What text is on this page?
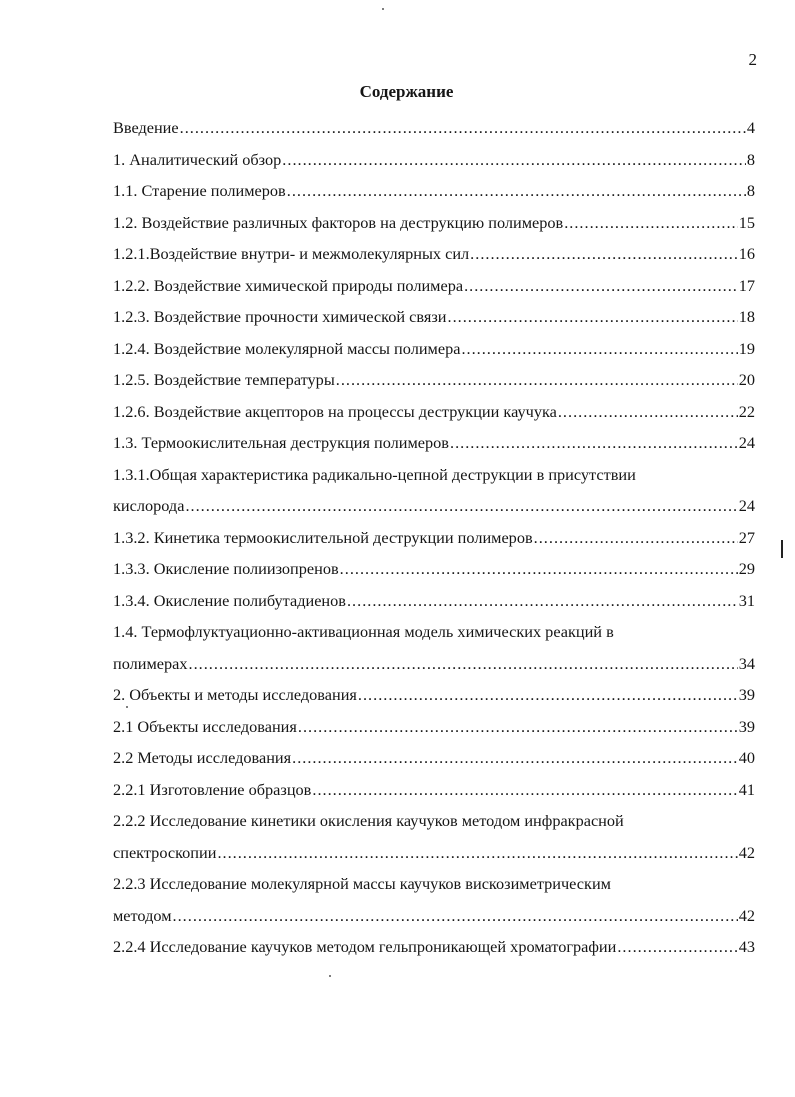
2
Содержание
Введение .....	4
1. Аналитический обзор .....	8
1.1. Старение полимеров .....	8
1.2. Воздействие различных факторов на деструкцию полимеров .....	15
1.2.1.Воздействие внутри- и межмолекулярных сил .....	16
1.2.2. Воздействие химической природы полимера .....	17
1.2.3. Воздействие прочности химической связи .....	18
1.2.4. Воздействие молекулярной массы полимера .....	19
1.2.5. Воздействие температуры .....	20
1.2.6. Воздействие акцепторов на процессы деструкции каучука .....	22
1.3. Термоокислительная деструкция полимеров .....	24
1.3.1.Общая характеристика радикально-цепной деструкции в присутствии
кислорода .....	24
1.3.2. Кинетика термоокислительной деструкции полимеров .....	27
1.3.3. Окисление полиизопренов .....	29
1.3.4. Окисление полибутадиенов .....	31
1.4. Термофлуктуационно-активационная модель химических реакций в
полимерах .....	34
2. Объекты и методы исследования .....	39
2.1 Объекты исследования .....	39
2.2 Методы исследования .....	40
2.2.1 Изготовление образцов .....	41
2.2.2 Исследование кинетики окисления каучуков методом инфракрасной
спектроскопии .....	42
2.2.3 Исследование молекулярной массы каучуков вискозиметрическим
методом .....	42
2.2.4 Исследование каучуков методом гельпроникающей хроматографии .....	43
